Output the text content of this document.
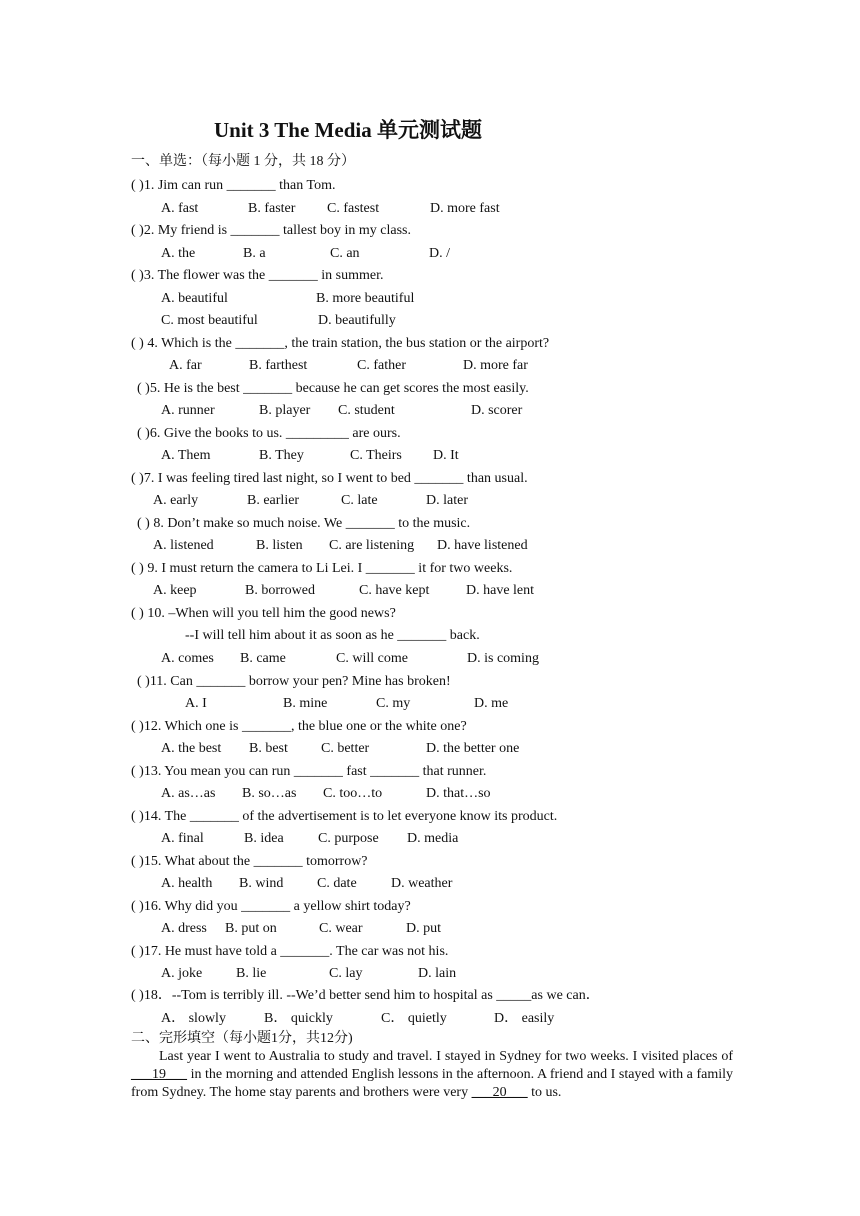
Unit 3 The Media 单元测试题
一、单选：（每小题 1 分，共 18 分）
( )1. Jim can run _______ than Tom.
A. fast	B. faster C. fastest	D. more fast
( )2. My friend is _______ tallest boy in my class.
A. the	B. a	C. an	D. /
( )3. The flower was the _______ in summer.
A. beautiful	B. more beautiful
C. most beautiful	D. beautifully
( ) 4. Which is the _______, the train station, the bus station or the airport?
A. far	B. farthest	C. father	D. more far
( )5. He is the best _______ because he can get scores the most easily.
A. runner	B. player C. student	D. scorer
( )6. Give the books to us. _________ are ours.
A. Them	B. They	C. Theirs D. It
( )7. I was feeling tired last night, so I went to bed _______ than usual.
A. early	B. earlier	C. late	D. later
( ) 8. Don’t make so much noise. We _______ to the music.
A. listened	B. listen C. are listening D. have listened
( ) 9. I must return the camera to Li Lei. I _______ it for two weeks.
A. keep	B. borrowed	C. have kept	D. have lent
( ) 10. –When will you tell him the good news?
--I will tell him about it as soon as he _______ back.
A. comes B. came	C. will come	D. is coming
( )11. Can _______ borrow your pen? Mine has broken!
A. I	B. mine	C. my	D. me
( )12. Which one is _______, the blue one or the white one?
A. the best B. best C. better	D. the better one
( )13. You mean you can run _______ fast _______ that runner.
A. as…as B. so…as C. too…to	D. that…so
( )14. The _______ of the advertisement is to let everyone know its product.
A. final	B. idea C. purpose D. media
( )15. What about the _______ tomorrow?
A. health B. wind C. date D. weather
( )16. Why did you _______ a yellow shirt today?
A. dress B. put on	C. wear	D. put
( )17. He must have told a _______. The car was not his.
A. joke B. lie	C. lay	D. lain
( )18．--Tom is terribly ill. --We’d better send him to hospital as _____as we can．
A． slowly	B． quickly	C． quietly	D． easily
二、完形填空（每小题1分，共12分)
Last year I went to Australia to study and travel. I stayed in Sydney for two weeks. I visited places of ___19___ in the morning and attended English lessons in the afternoon. A friend and I stayed with a family from Sydney. The home stay parents and brothers were very ___20___ to us.
